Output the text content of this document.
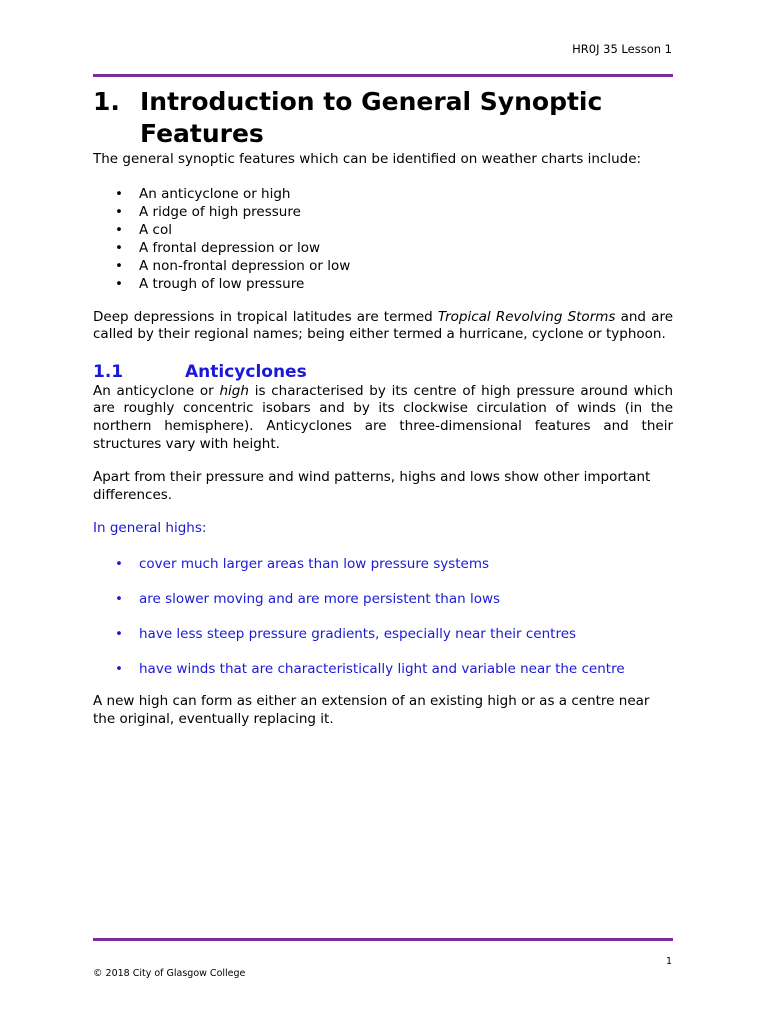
HR0J 35 Lesson 1
1. Introduction to General Synoptic Features

The general synoptic features which can be identified on weather charts include:

• An anticyclone or high
• A ridge of high pressure
• A col
• A frontal depression or low
• A non-frontal depression or low
• A trough of low pressure

Deep depressions in tropical latitudes are termed Tropical Revolving Storms and are called by their regional names; being either termed a hurricane, cyclone or typhoon.

1.1	Anticyclones

An anticyclone or high is characterised by its centre of high pressure around which are roughly concentric isobars and by its clockwise circulation of winds (in the northern hemisphere). Anticyclones are three-dimensional features and their structures vary with height.

Apart from their pressure and wind patterns, highs and lows show other important differences.

In general highs:

• cover much larger areas than low pressure systems
• are slower moving and are more persistent than lows
• have less steep pressure gradients, especially near their centres
• have winds that are characteristically light and variable near the centre

A new high can form as either an extension of an existing high or as a centre near the original, eventually replacing it.

1
© 2018 City of Glasgow College
